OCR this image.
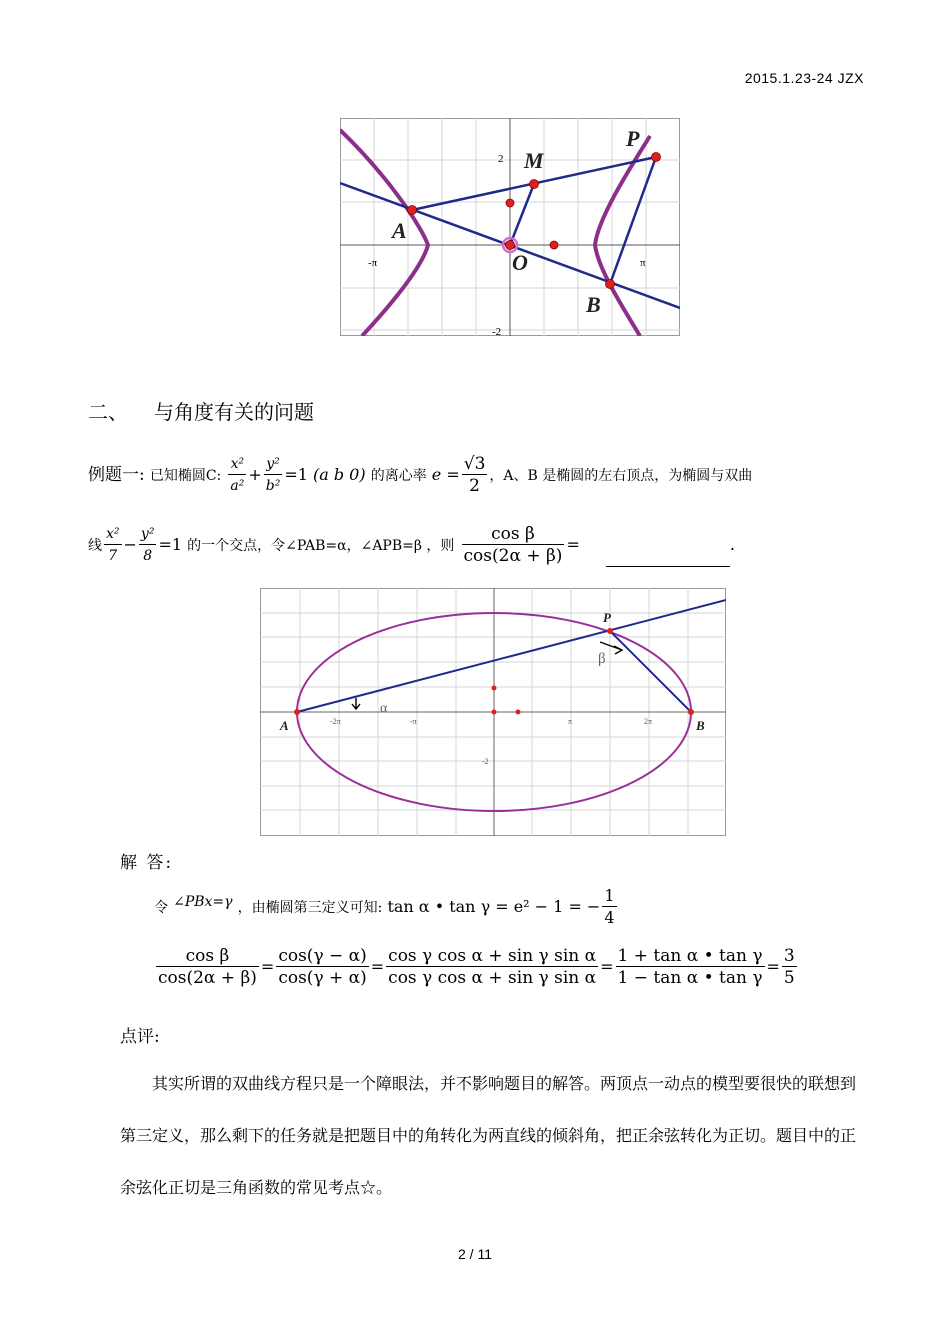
2015.1.23-24 JZX
2
-2
-π	π
P
M
A
O
B
二、 与角度有关的问题
例题一: 已知椭圆C: $\frac{\text{x²}}{\text{a²}} + \frac{\text{y²}}{\text{b²}} =1$ (a b 0) 的离心率 $e = \frac{√3}{2}$ ，A、B 是椭圆的左右顶点，为椭圆与双曲
线 $\frac{\text{x²}}{7} - \frac{\text{y²}}{8} =1$ 的一个交点，令∠PAB=α，∠APB=β ，则 $\frac{\text{cos β}}{\cos(2\alpha + \beta)}$ =	.
-2π	-π	π	2π
-2
P
A	B
α
β
解 答:
令 ∠PBx=γ ，由椭圆第三定义可知: tan α • tan γ = e² − 1 = − $\frac{1}{4}$
$\frac{\text{cos β}}{\cos(2\alpha + \beta)} = \frac{\cos(\gamma - \alpha)}{\cos(\gamma + \alpha)} = \frac{\text{cos γ cos α + sin γ sin α}}{\text{cos γ cos α + sin γ sin α}} = \frac{\text{1 + tan α • tan γ}}{\text{1 − tan α • tan γ}} = \frac{3}{5}$
点评:
其实所谓的双曲线方程只是一个障眼法，并不影响题目的解答。两顶点一动点的模型要很快的联想到第三定义，那么剩下的任务就是把题目中的角转化为两直线的倾斜角，把正余弦转化为正切。题目中的正余弦化正切是三角函数的常见考点☆。
2 / 11
